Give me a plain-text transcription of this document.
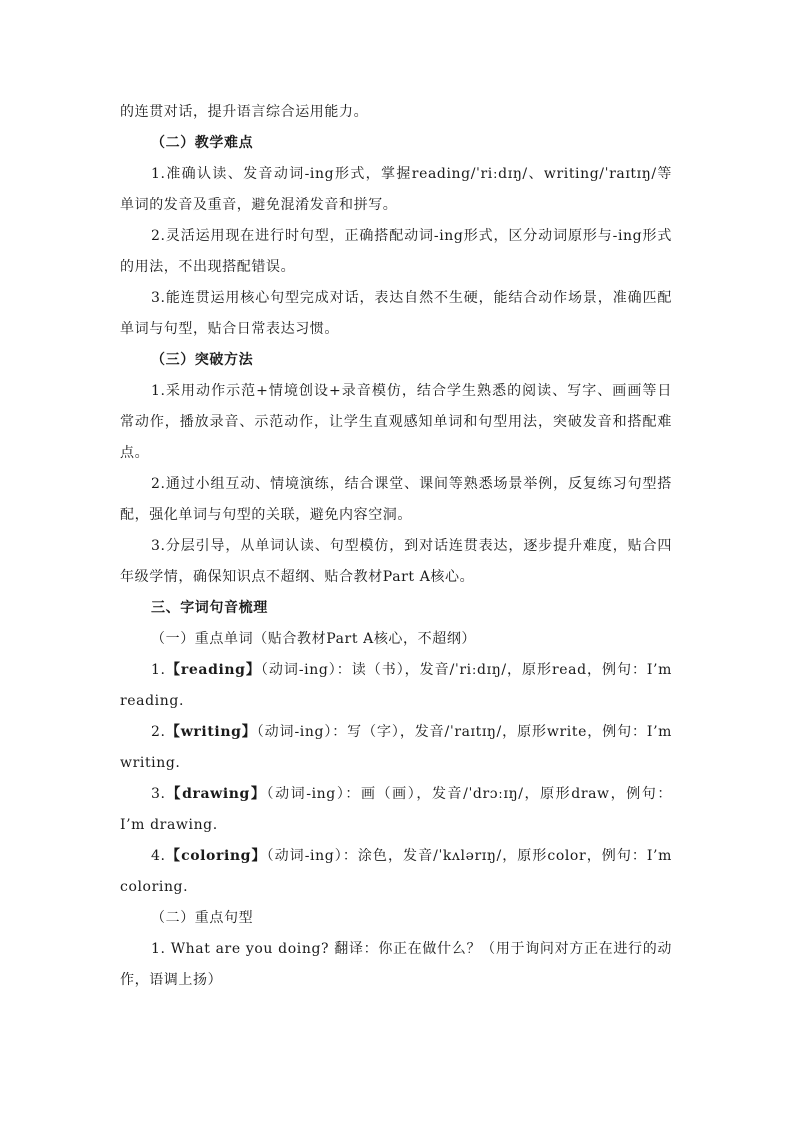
的连贯对话，提升语言综合运用能力。

（二）教学难点

1.准确认读、发音动词-ing形式，掌握reading/ˈriːdɪŋ/、writing/ˈraɪtɪŋ/等单词的发音及重音，避免混淆发音和拼写。

2.灵活运用现在进行时句型，正确搭配动词-ing形式，区分动词原形与-ing形式的用法，不出现搭配错误。

3.能连贯运用核心句型完成对话，表达自然不生硬，能结合动作场景，准确匹配单词与句型，贴合日常表达习惯。

（三）突破方法

1.采用动作示范+情境创设+录音模仿，结合学生熟悉的阅读、写字、画画等日常动作，播放录音、示范动作，让学生直观感知单词和句型用法，突破发音和搭配难点。

2.通过小组互动、情境演练，结合课堂、课间等熟悉场景举例，反复练习句型搭配，强化单词与句型的关联，避免内容空洞。

3.分层引导，从单词认读、句型模仿，到对话连贯表达，逐步提升难度，贴合四年级学情，确保知识点不超纲、贴合教材Part A核心。

三、字词句音梳理

（一）重点单词（贴合教材Part A核心，不超纲）

1.【reading】（动词-ing）：读（书），发音/ˈriːdɪŋ/，原形read，例句：I’m reading.

2.【writing】（动词-ing）：写（字），发音/ˈraɪtɪŋ/，原形write，例句：I’m writing.

3.【drawing】（动词-ing）：画（画），发音/ˈdrɔːɪŋ/，原形draw，例句：I’m drawing.

4.【coloring】（动词-ing）：涂色，发音/ˈkʌlərɪŋ/，原形color，例句：I’m coloring.

（二）重点句型

1. What are you doing? 翻译：你正在做什么？（用于询问对方正在进行的动作，语调上扬）
